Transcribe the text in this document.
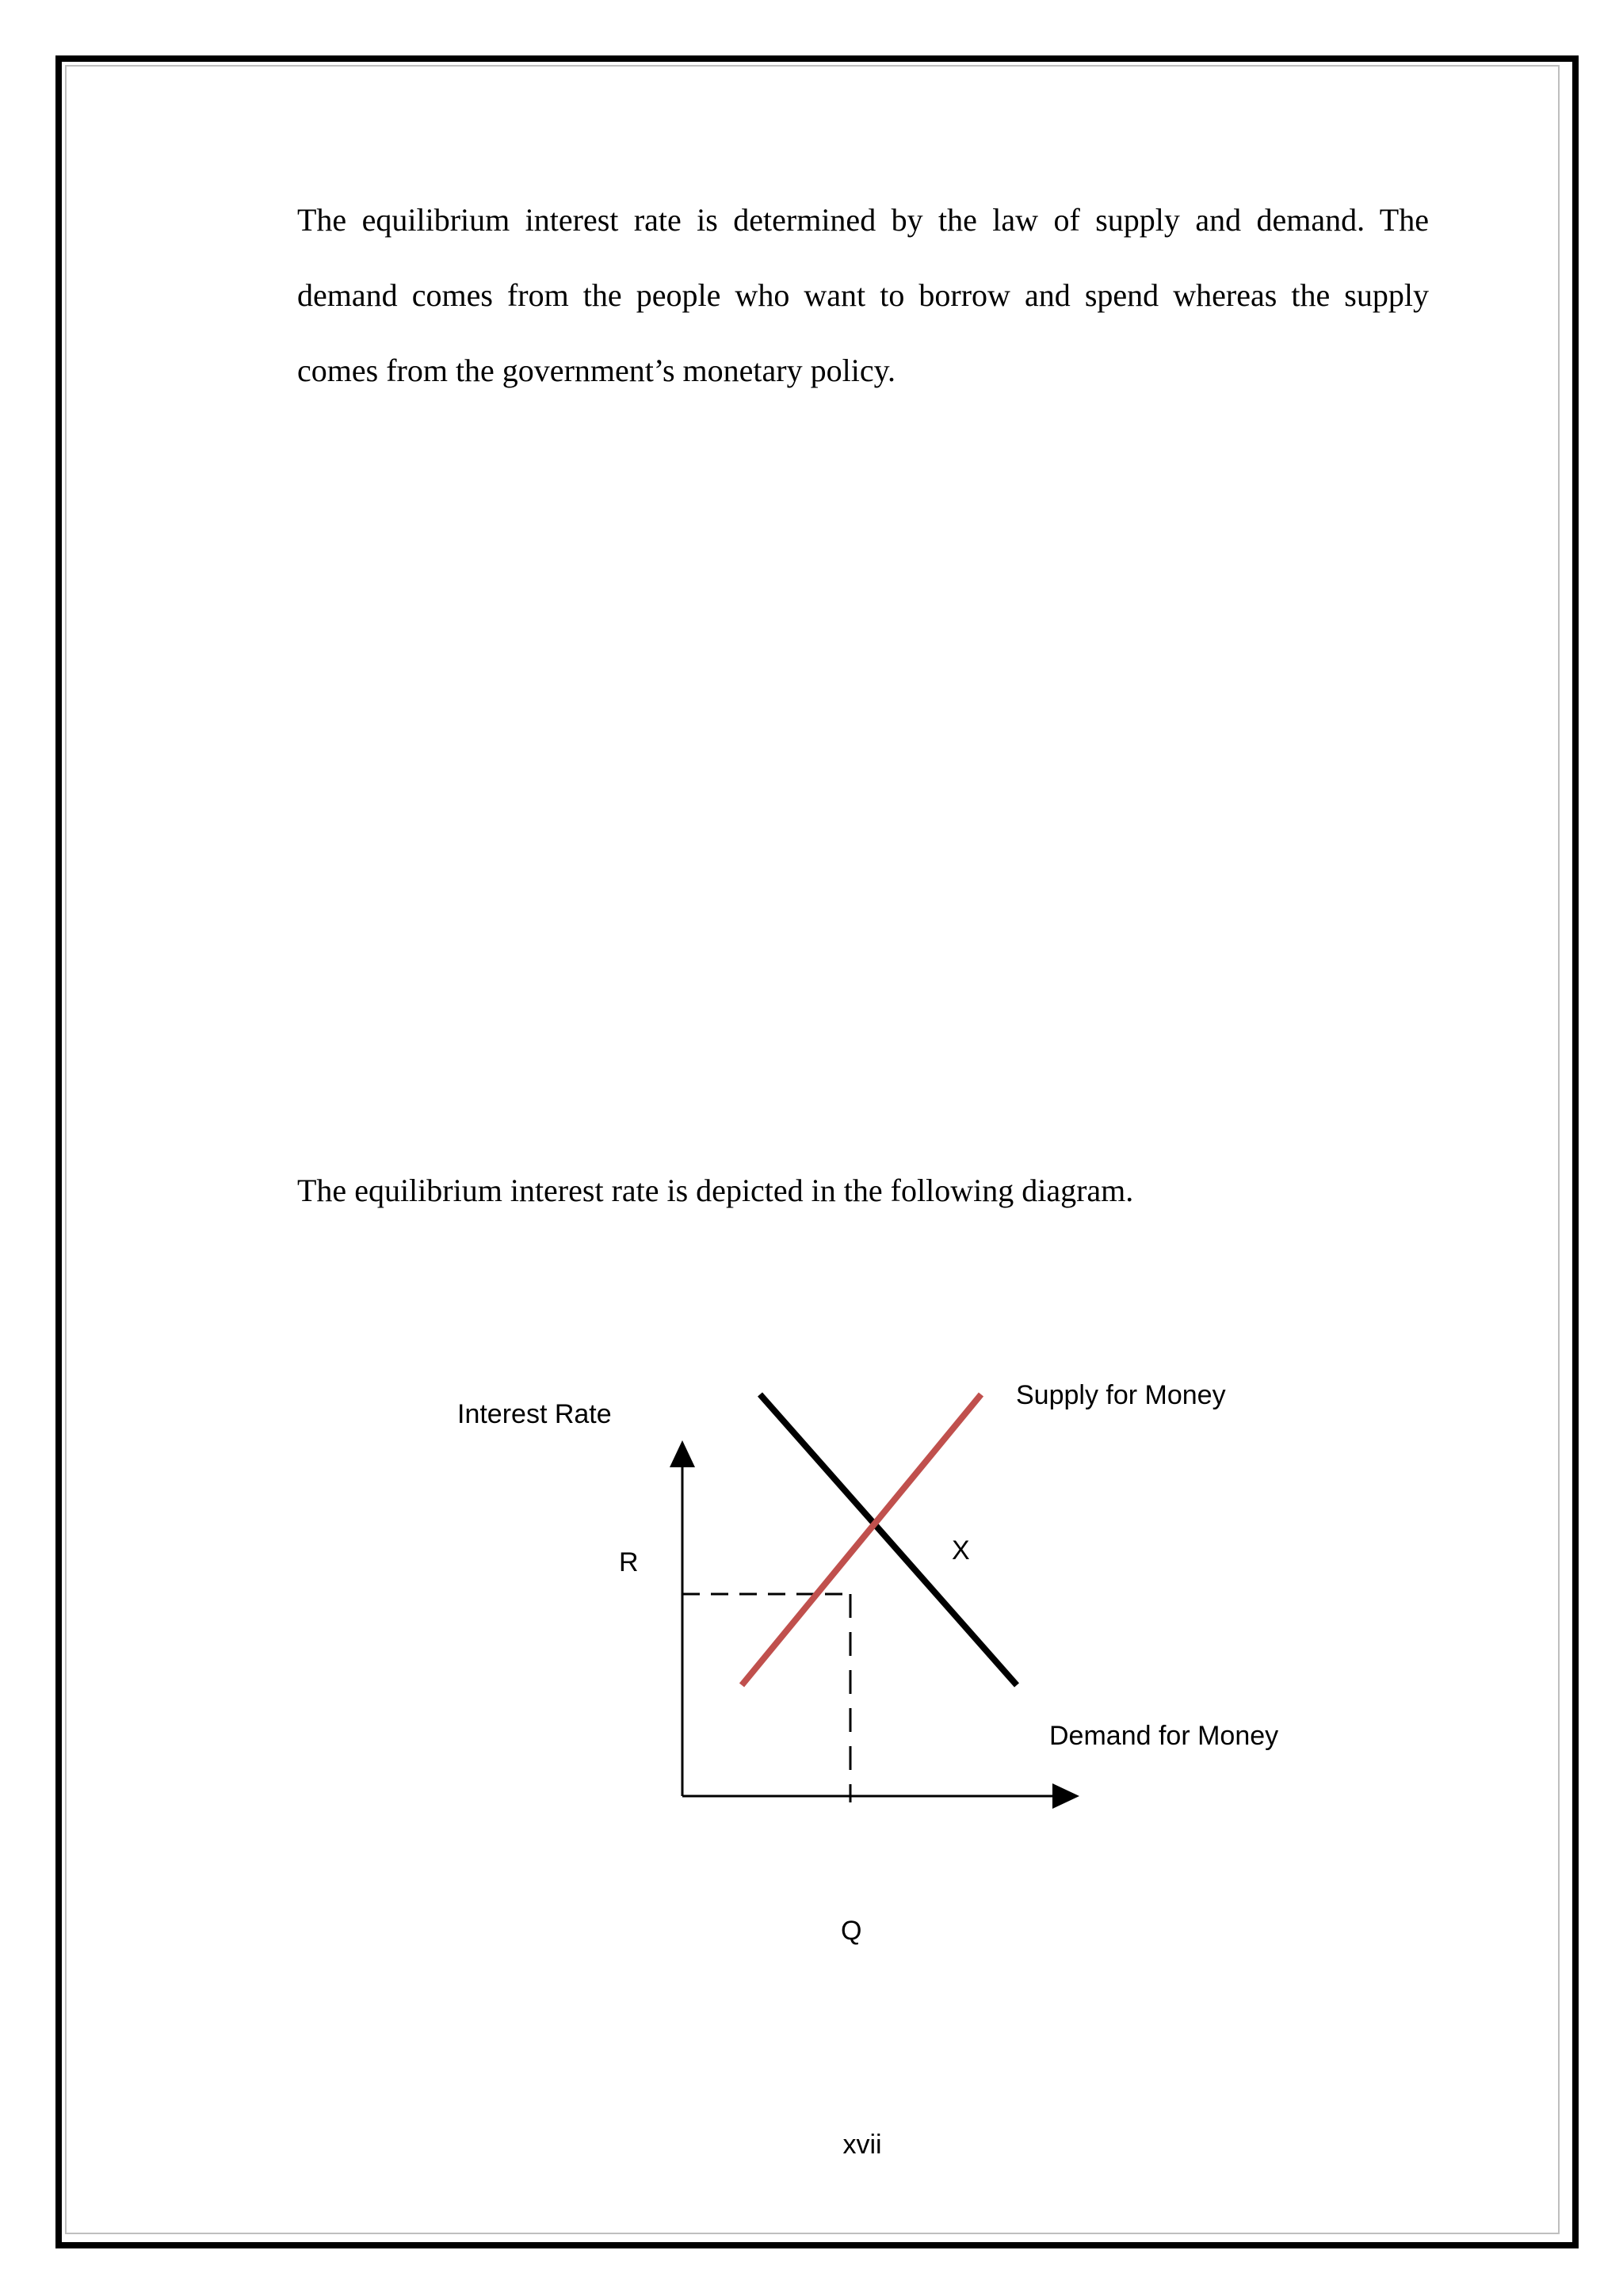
The equilibrium interest rate is determined by the law of supply and demand. The demand comes from the people who want to borrow and spend whereas the supply comes from the government’s monetary policy.

The equilibrium interest rate is depicted in the following diagram.

Interest Rate
Supply for Money
R	X
Demand for Money
Q
xvii
